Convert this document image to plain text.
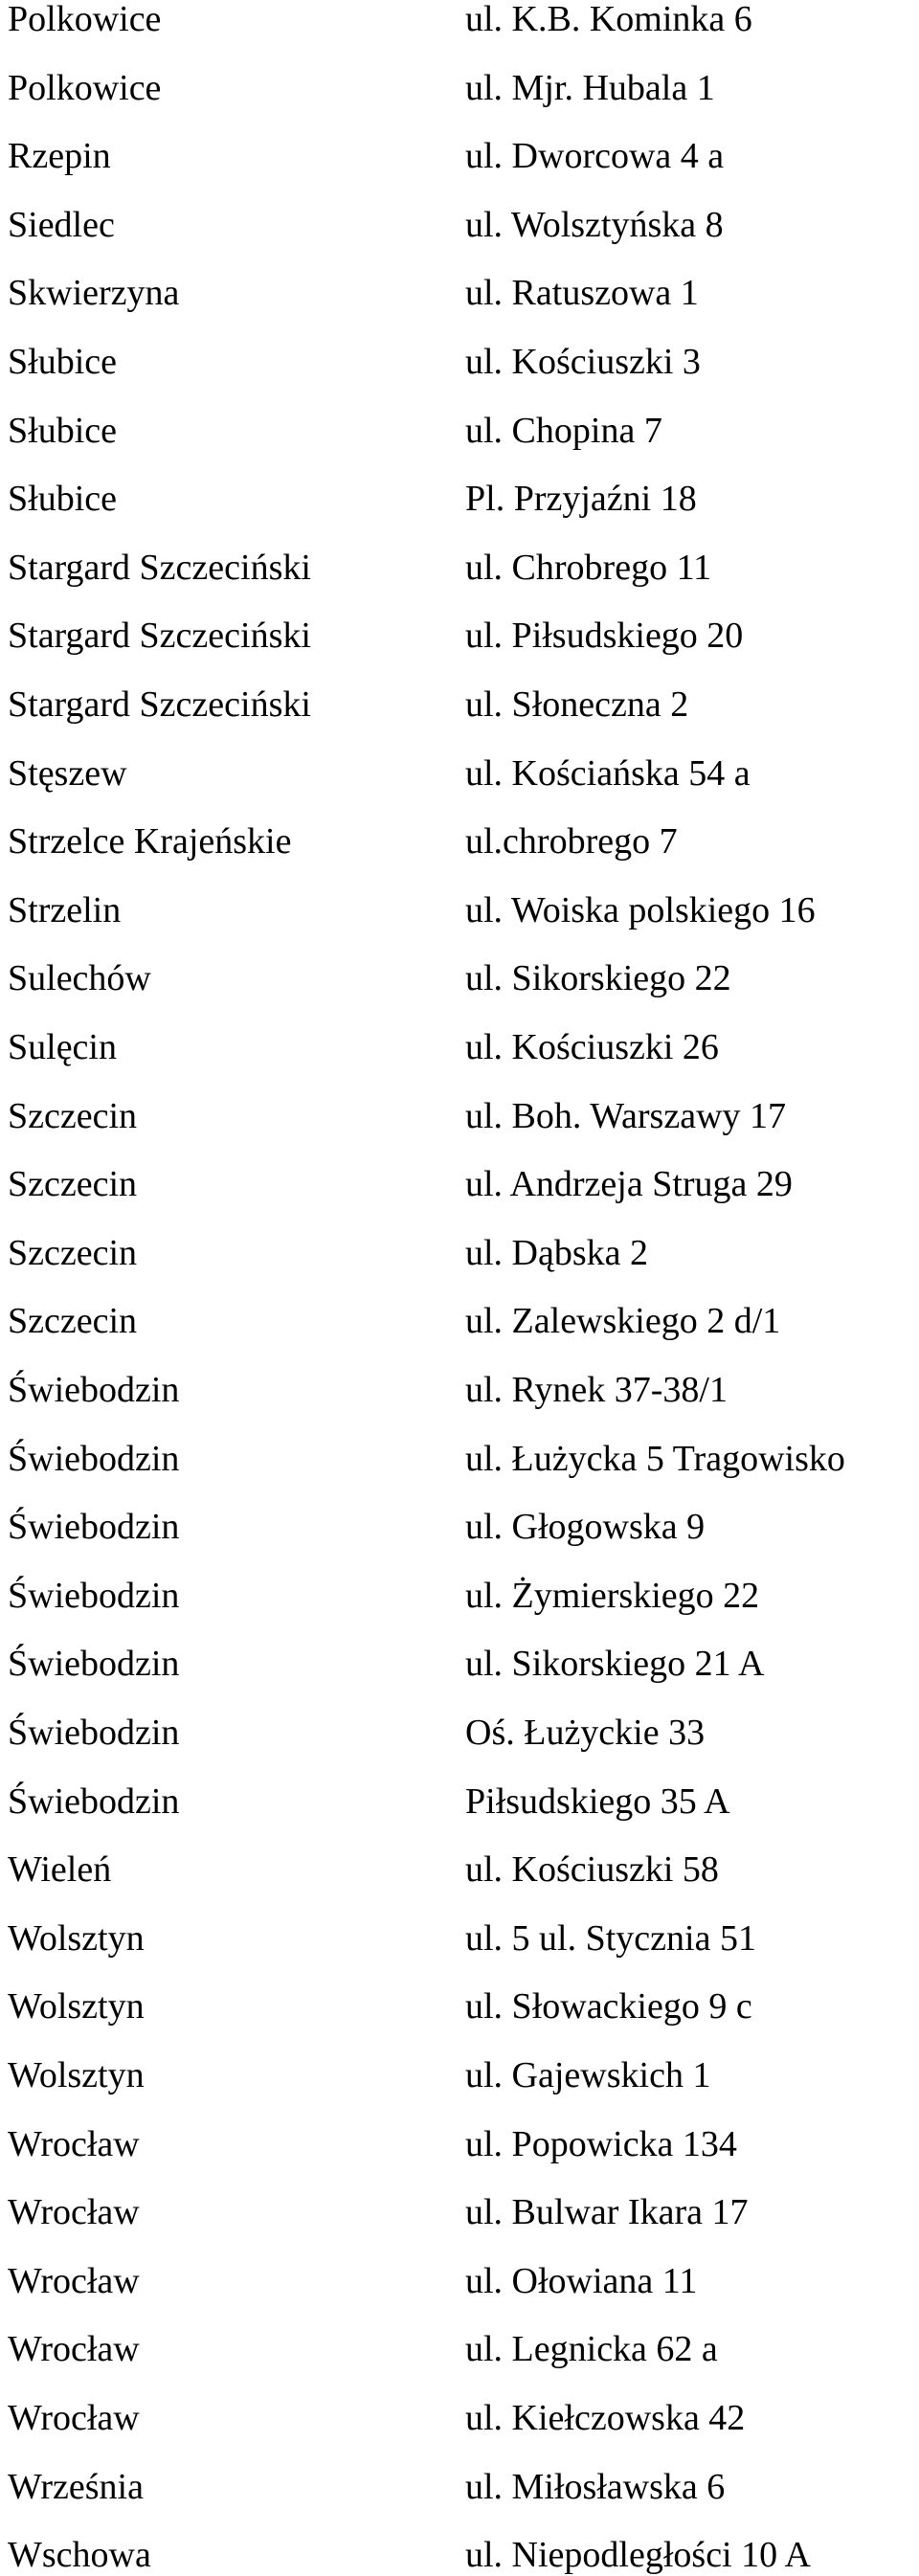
Polkowice	ul. K.B. Kominka 6
Polkowice	ul. Mjr. Hubala 1
Rzepin	ul. Dworcowa 4 a
Siedlec	ul. Wolsztyńska 8
Skwierzyna	ul. Ratuszowa 1
Słubice	ul. Kościuszki 3
Słubice	ul. Chopina 7
Słubice	Pl. Przyjaźni 18
Stargard Szczeciński	ul. Chrobrego 11
Stargard Szczeciński	ul. Piłsudskiego 20
Stargard Szczeciński	ul. Słoneczna 2
Stęszew	ul. Kościańska 54 a
Strzelce Krajeńskie	ul.chrobrego 7
Strzelin	ul. Woiska polskiego 16
Sulechów	ul. Sikorskiego 22
Sulęcin	ul. Kościuszki 26
Szczecin	ul. Boh. Warszawy 17
Szczecin	ul. Andrzeja Struga 29
Szczecin	ul. Dąbska 2
Szczecin	ul. Zalewskiego 2 d/1
Świebodzin	ul. Rynek 37-38/1
Świebodzin	ul. Łużycka 5 Tragowisko
Świebodzin	ul. Głogowska 9
Świebodzin	ul. Żymierskiego 22
Świebodzin	ul. Sikorskiego 21 A
Świebodzin	Oś. Łużyckie 33
Świebodzin	Piłsudskiego 35 A
Wieleń	ul. Kościuszki 58
Wolsztyn	ul. 5 ul. Stycznia 51
Wolsztyn	ul. Słowackiego 9 c
Wolsztyn	ul. Gajewskich 1
Wrocław	ul. Popowicka 134
Wrocław	ul. Bulwar Ikara 17
Wrocław	ul. Ołowiana 11
Wrocław	ul. Legnicka 62 a
Wrocław	ul. Kiełczowska 42
Września	ul. Miłosławska 6
Wschowa	ul. Niepodległości 10 A
